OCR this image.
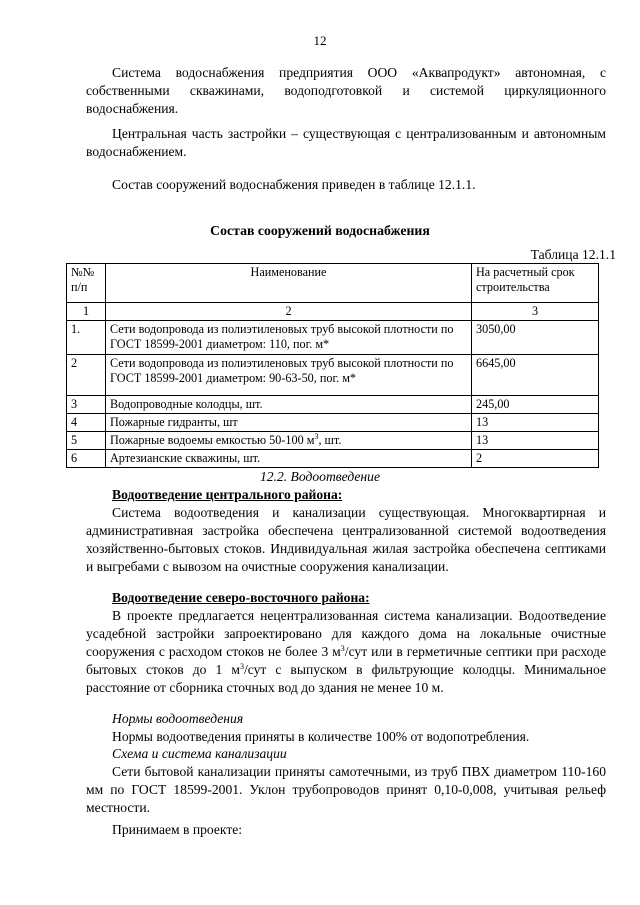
12
Система водоснабжения предприятия ООО «Аквапродукт» автономная, с собственными скважинами, водоподготовкой и системой циркуляционного водоснабжения.
Центральная часть застройки – существующая с централизованным и автономным водоснабжением.
Состав сооружений водоснабжения приведен в таблице 12.1.1.
Состав сооружений водоснабжения
Таблица 12.1.1
№№ п/п	Наименование	На расчетный срок строительства
1	2	3
1.	Сети водопровода из полиэтиленовых труб высокой плотности по ГОСТ 18599-2001 диаметром: 110, пог. м*	3050,00
2	Сети водопровода из полиэтиленовых труб высокой плотности по ГОСТ 18599-2001 диаметром: 90-63-50, пог. м*	6645,00
3	Водопроводные колодцы, шт.	245,00
4	Пожарные гидранты, шт	13
5	Пожарные водоемы емкостью 50-100 $м^3$, шт.	13
6	Артезианские скважины, шт.	2
12.2. Водоотведение
Водоотведение центрального района:
Система водоотведения и канализации существующая. Многоквартирная и административная застройка обеспечена централизованной системой водоотведения хозяйственно-бытовых стоков. Индивидуальная жилая застройка обеспечена септиками и выгребами с вывозом на очистные сооружения канализации.
Водоотведение северо-восточного района:
В проекте предлагается нецентрализованная система канализации. Водоотведение усадебной застройки запроектировано для каждого дома на локальные очистные сооружения с расходом стоков не более 3 $м^3$/сут или в герметичные септики при расходе бытовых стоков до 1 $м^3$/сут с выпуском в фильтрующие колодцы. Минимальное расстояние от сборника сточных вод до здания не менее 10 м.
Нормы водоотведения
Нормы водоотведения приняты в количестве 100% от водопотребления.
Схема и система канализации
Сети бытовой канализации приняты самотечными, из труб ПВХ диаметром 110-160 мм по ГОСТ 18599-2001. Уклон трубопроводов принят 0,10-0,008, учитывая рельеф местности.
Принимаем в проекте:
